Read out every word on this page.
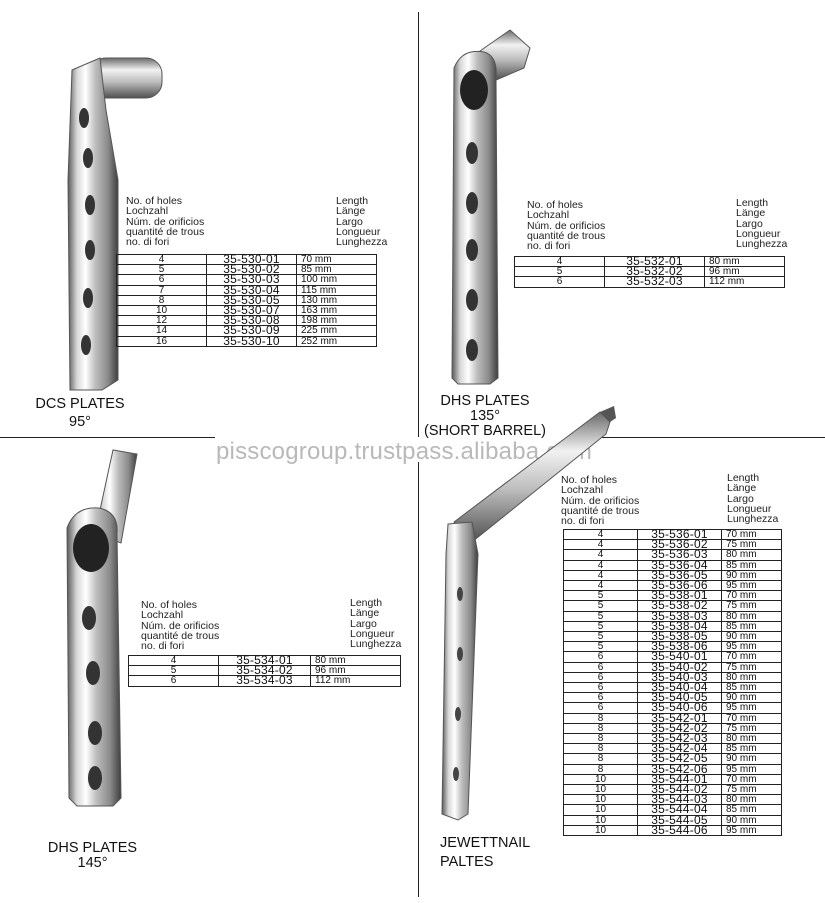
pisscogroup.trustpass.alibaba.com
No. of holes
Lochzahl
Núm. de orificios
quantité de trous
no. di fori
Length
Länge
Largo
Longueur
Lunghezza
4	35-530-01	70 mm
5	35-530-02	85 mm
6	35-530-03	100 mm
7	35-530-04	115 mm
8	35-530-05	130 mm
10	35-530-07	163 mm
12	35-530-08	198 mm
14	35-530-09	225 mm
16	35-530-10	252 mm
DCS PLATES
95°
No. of holes
Lochzahl
Núm. de orificios
quantité de trous
no. di fori
Length
Länge
Largo
Longueur
Lunghezza
4	35-532-01	80 mm
5	35-532-02	96 mm
6	35-532-03	112 mm
DHS PLATES
135°
(SHORT BARREL)
No. of holes
Lochzahl
Núm. de orificios
quantité de trous
no. di fori
Length
Länge
Largo
Longueur
Lunghezza
4	35-534-01	80 mm
5	35-534-02	96 mm
6	35-534-03	112 mm
DHS PLATES
145°
No. of holes
Lochzahl
Núm. de orificios
quantité de trous
no. di fori
Length
Länge
Largo
Longueur
Lunghezza
4	35-536-01	70 mm
4	35-536-02	75 mm
4	35-536-03	80 mm
4	35-536-04	85 mm
4	35-536-05	90 mm
4	35-536-06	95 mm
5	35-538-01	70 mm
5	35-538-02	75 mm
5	35-538-03	80 mm
5	35-538-04	85 mm
5	35-538-05	90 mm
5	35-538-06	95 mm
6	35-540-01	70 mm
6	35-540-02	75 mm
6	35-540-03	80 mm
6	35-540-04	85 mm
6	35-540-05	90 mm
6	35-540-06	95 mm
8	35-542-01	70 mm
8	35-542-02	75 mm
8	35-542-03	80 mm
8	35-542-04	85 mm
8	35-542-05	90 mm
8	35-542-06	95 mm
10	35-544-01	70 mm
10	35-544-02	75 mm
10	35-544-03	80 mm
10	35-544-04	85 mm
10	35-544-05	90 mm
10	35-544-06	95 mm
JEWETTNAIL
PALTES
